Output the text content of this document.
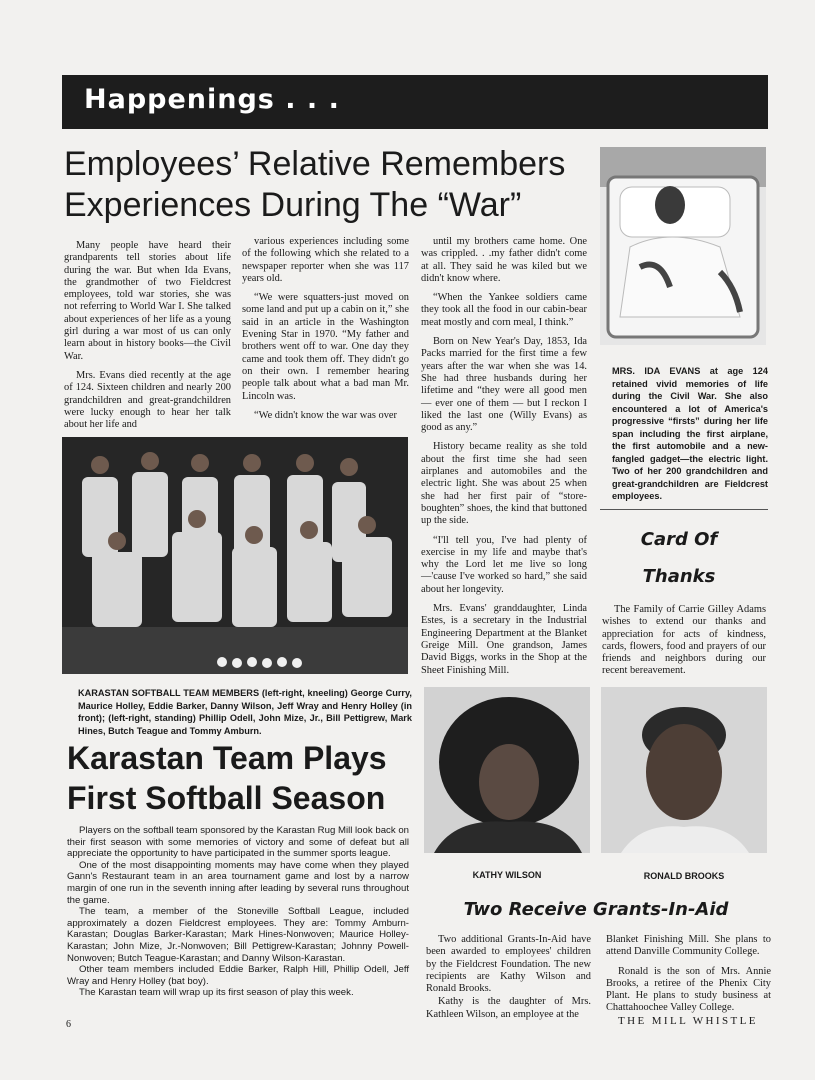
Happenings . . .
Employees’ Relative Remembers
Experiences During The “War”

Many people have heard their grandparents tell stories about life during the war. But when Ida Evans, the grandmother of two Fieldcrest employees, told war stories, she was not referring to World War I. She talked about experiences of her life as a young girl during a war most of us can only learn about in history books—the Civil War.

Mrs. Evans died recently at the age of 124. Sixteen children and nearly 200 grandchildren and great-grandchildren were lucky enough to hear her talk about her life and

various experiences including some of the following which she related to a newspaper reporter when she was 117 years old.

“We were squatters-just moved on some land and put up a cabin on it,” she said in an article in the Washington Evening Star in 1970. “My father and brothers went off to war. One day they came and took them off. They didn't go on their own. I remember hearing people talk about what a bad man Mr. Lincoln was.

“We didn't know the war was over

until my brothers came home. One was crippled. . .my father didn't come at all. They said he was kiled but we didn't know where.

“When the Yankee soldiers came they took all the food in our cabin-bear meat mostly and corn meal, I think.”

Born on New Year's Day, 1853, Ida Packs married for the first time a few years after the war when she was 14. She had three husbands during her lifetime and “they were all good men — ever one of them — but I reckon I liked the last one (Willy Evans) as good as any.”

History became reality as she told about the first time she had seen airplanes and automobiles and the electric light. She was about 25 when she had her first pair of “store-boughten” shoes, the kind that buttoned up the side.

“I'll tell you, I've had plenty of exercise in my life and maybe that's why the Lord let me live so long—'cause I've worked so hard,” she said about her longevity.

Mrs. Evans' granddaughter, Linda Estes, is a secretary in the Industrial Engineering Department at the Blanket Greige Mill. One grandson, James David Biggs, works in the Shop at the Sheet Finishing Mill.

MRS. IDA EVANS at age 124 retained vivid memories of life during the Civil War. She also encountered a lot of America's progressive “firsts” during her life span including the first airplane, the first automobile and a new-fangled gadget—the electric light. Two of her 200 grandchildren and great-grandchildren are Fieldcrest employees.
Card Of
Thanks

The Family of Carrie Gilley Adams wishes to extend our thanks and appreciation for acts of kindness, cards, flowers, food and prayers of our friends and neighbors during our recent bereavement.

KARASTAN SOFTBALL TEAM MEMBERS (left-right, kneeling) George Curry, Maurice Holley, Eddie Barker, Danny Wilson, Jeff Wray and Henry Holley (in front); (left-right, standing) Phillip Odell, John Mize, Jr., Bill Pettigrew, Mark Hines, Butch Teague and Tommy Amburn.
Karastan Team Plays
First Softball Season

Players on the softball team sponsored by the Karastan Rug Mill look back on their first season with some memories of victory and some of defeat but all appreciate the opportunity to have participated in the summer sports league.

One of the most disappointing moments may have come when they played Gann's Restaurant team in an area tournament game and lost by a narrow margin of one run in the seventh inning after leading by several runs throughout the game.

The team, a member of the Stoneville Softball League, included approximately a dozen Fieldcrest employees. They are: Tommy Amburn-Karastan; Douglas Barker-Karastan; Mark Hines-Nonwoven; Maurice Holley-Karastan; John Mize, Jr.-Nonwoven; Bill Pettigrew-Karastan; Johnny Powell-Nonwoven; Butch Teague-Karastan; and Danny Wilson-Karastan.

Other team members included Eddie Barker, Ralph Hill, Phillip Odell, Jeff Wray and Henry Holley (bat boy).

The Karastan team will wrap up its first season of play this week.

KATHY WILSON	RONALD BROOKS
Two Receive Grants-In-Aid

Two additional Grants-In-Aid have been awarded to employees' children by the Fieldcrest Foundation. The new recipients are Kathy Wilson and Ronald Brooks.

Kathy is the daughter of Mrs. Kathleen Wilson, an employee at the

Blanket Finishing Mill. She plans to attend Danville Community College.

Ronald is the son of Mrs. Annie Brooks, a retiree of the Phenix City Plant. He plans to study business at Chattahoochee Valley College.

6	THE MILL WHISTLE
